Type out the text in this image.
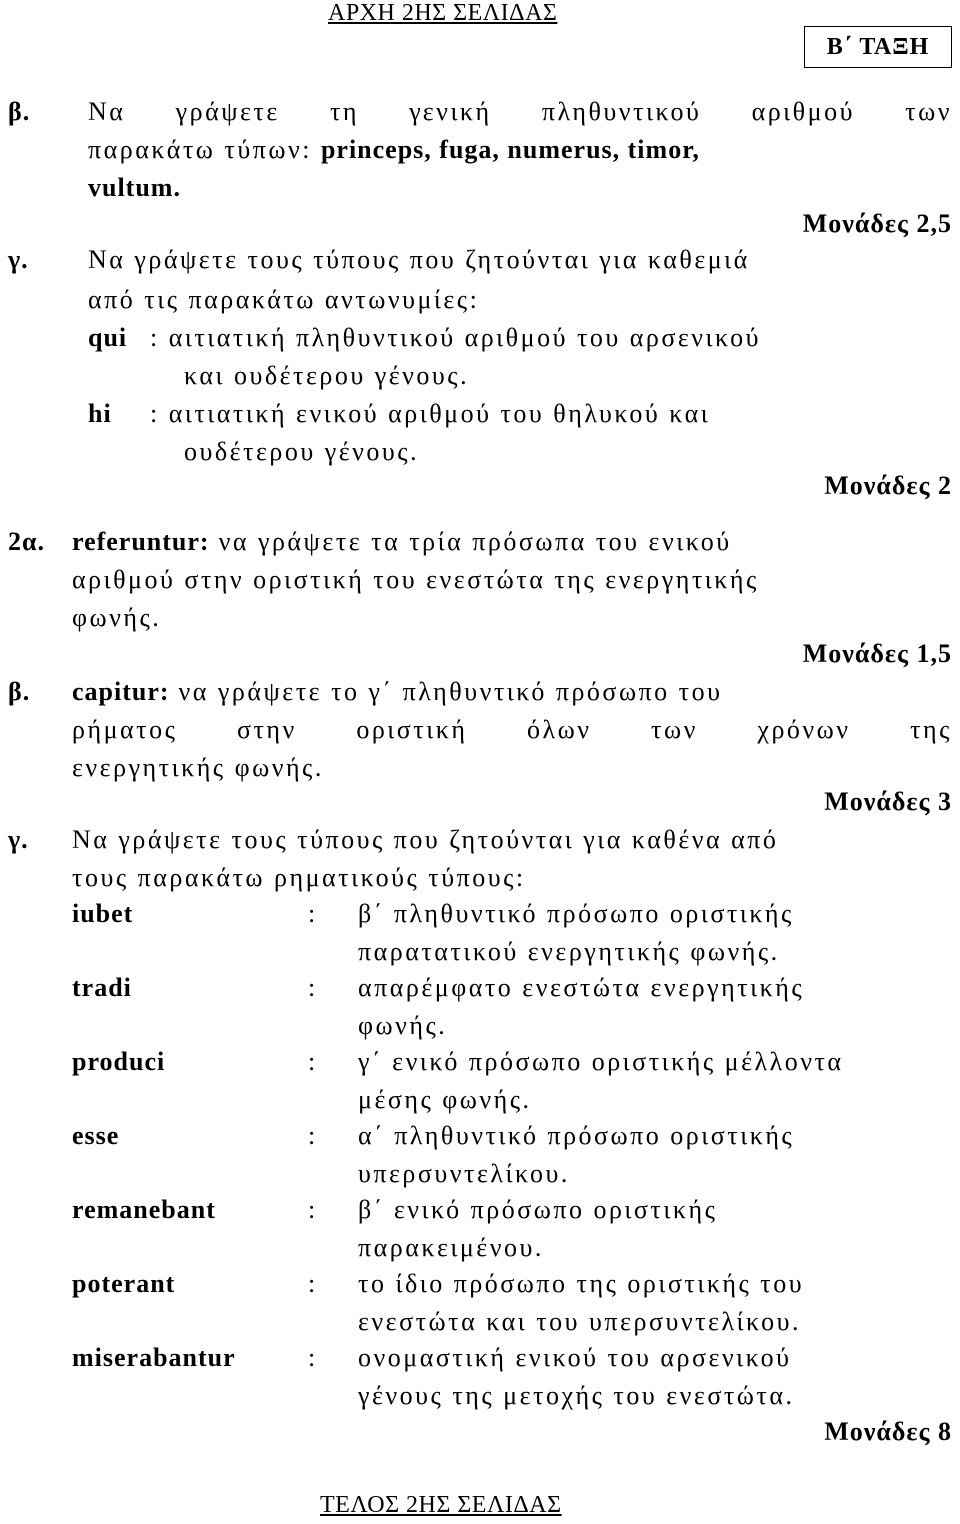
ΑΡΧΗ 2ΗΣ ΣΕΛΙΔΑΣ
Β΄ ΤΑΞΗ
β. Να γράψετε τη γενική πληθυντικού αριθμού των
παρακάτω τύπων: princeps, fuga, numerus, timor,
vultum.
Μονάδες 2,5
γ. Να γράψετε τους τύπους που ζητούνται για καθεμιά
από τις παρακάτω αντωνυμίες:
qui : αιτιατική πληθυντικού αριθμού του αρσενικού
και ουδέτερου γένους.
hi : αιτιατική ενικού αριθμού του θηλυκού και
ουδέτερου γένους.
Μονάδες 2
2α. referuntur: να γράψετε τα τρία πρόσωπα του ενικού
αριθμού στην οριστική του ενεστώτα της ενεργητικής
φωνής.
Μονάδες 1,5
β. capitur: να γράψετε το γ΄ πληθυντικό πρόσωπο του
ρήματος στην οριστική όλων των χρόνων της
ενεργητικής φωνής.
Μονάδες 3
γ. Να γράψετε τους τύπους που ζητούνται για καθένα από
τους παρακάτω ρηματικούς τύπους:
iubet	: β΄ πληθυντικό πρόσωπο οριστικής
παρατατικού ενεργητικής φωνής.
tradi	: απαρέμφατο ενεστώτα ενεργητικής
φωνής.
produci	: γ΄ ενικό πρόσωπο οριστικής μέλλοντα
μέσης φωνής.
esse	: α΄ πληθυντικό πρόσωπο οριστικής
υπερσυντελίκου.
remanebant	: β΄ ενικό πρόσωπο οριστικής
παρακειμένου.
poterant	: το ίδιο πρόσωπο της οριστικής του
ενεστώτα και του υπερσυντελίκου.
miserabantur	: ονομαστική ενικού του αρσενικού
γένους της μετοχής του ενεστώτα.
Μονάδες 8
ΤΕΛΟΣ 2ΗΣ ΣΕΛΙΔΑΣ
